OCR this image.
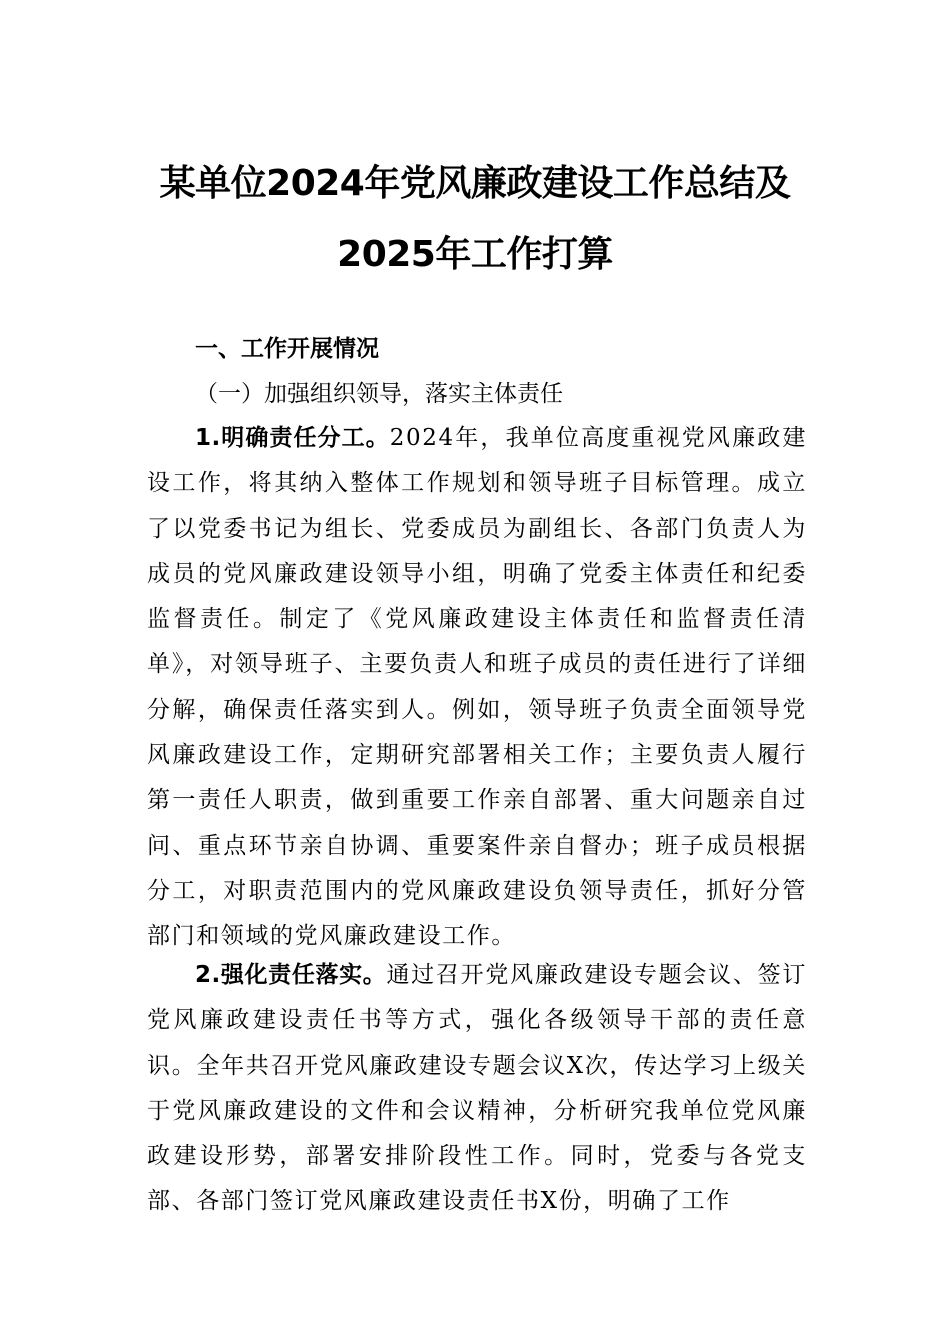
某单位2024年党风廉政建设工作总结及
2025年工作打算
一、工作开展情况
（一）加强组织领导，落实主体责任
1.明确责任分工。2024年，我单位高度重视党风廉政建设工作，将其纳入整体工作规划和领导班子目标管理。成立了以党委书记为组长、党委成员为副组长、各部门负责人为成员的党风廉政建设领导小组，明确了党委主体责任和纪委监督责任。制定了《党风廉政建设主体责任和监督责任清单》，对领导班子、主要负责人和班子成员的责任进行了详细分解，确保责任落实到人。例如，领导班子负责全面领导党风廉政建设工作，定期研究部署相关工作；主要负责人履行第一责任人职责，做到重要工作亲自部署、重大问题亲自过问、重点环节亲自协调、重要案件亲自督办；班子成员根据分工，对职责范围内的党风廉政建设负领导责任，抓好分管部门和领域的党风廉政建设工作。
2.强化责任落实。通过召开党风廉政建设专题会议、签订党风廉政建设责任书等方式，强化各级领导干部的责任意识。全年共召开党风廉政建设专题会议X次，传达学习上级关于党风廉政建设的文件和会议精神，分析研究我单位党风廉政建设形势，部署安排阶段性工作。同时，党委与各党支部、各部门签订党风廉政建设责任书X份，明确了工作
